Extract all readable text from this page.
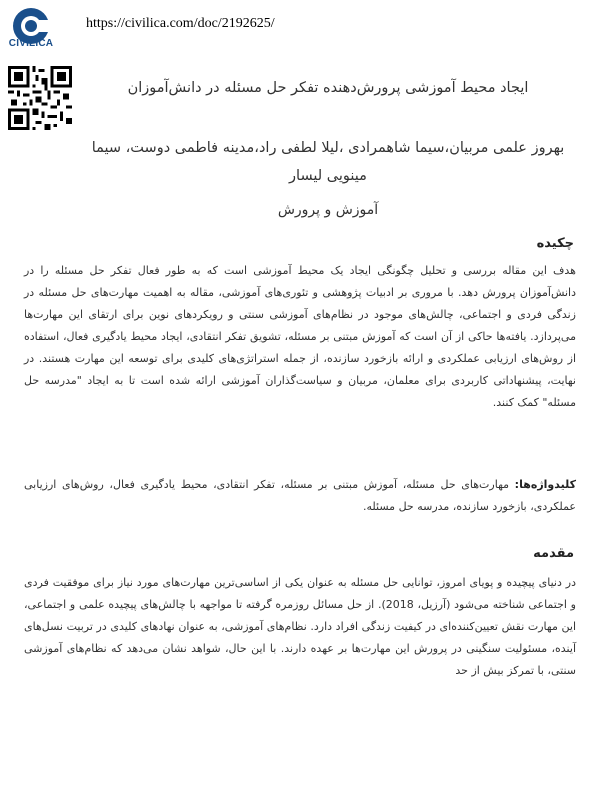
CIVILICA
https://civilica.com/doc/2192625/
ایجاد محیط آموزشی پرورش‌دهنده تفکر حل مسئله در دانش‌آموزان
بهروز علمی مربیان،سیما شاهمرادی ،لیلا لطفی راد،مدینه فاطمی دوست، سیما مینویی لیسار
آموزش و پرورش
چکیده
هدف این مقاله بررسی و تحلیل چگونگی ایجاد یک محیط آموزشی است که به طور فعال تفکر حل مسئله را در دانش‌آموزان پرورش دهد. با مروری بر ادبیات پژوهشی و تئوری‌های آموزشی، مقاله به اهمیت مهارت‌های حل مسئله در زندگی فردی و اجتماعی، چالش‌های موجود در نظام‌های آموزشی سنتی و رویکردهای نوین برای ارتقای این مهارت‌ها می‌پردازد. یافته‌ها حاکی از آن است که آموزش مبتنی بر مسئله، تشویق تفکر انتقادی، ایجاد محیط یادگیری فعال، استفاده از روش‌های ارزیابی عملکردی و ارائه بازخورد سازنده، از جمله استراتژی‌های کلیدی برای توسعه این مهارت هستند. در نهایت، پیشنهاداتی کاربردی برای معلمان، مربیان و سیاست‌گذاران آموزشی ارائه شده است تا به ایجاد "مدرسه حل مسئله" کمک کنند.
کلیدواژه‌ها: مهارت‌های حل مسئله، آموزش مبتنی بر مسئله، تفکر انتقادی، محیط یادگیری فعال، روش‌های ارزیابی عملکردی، بازخورد سازنده، مدرسه حل مسئله.
مقدمه
در دنیای پیچیده و پویای امروز، توانایی حل مسئله به عنوان یکی از اساسی‌ترین مهارت‌های مورد نیاز برای موفقیت فردی و اجتماعی شناخته می‌شود (آرزیل، 2018). از حل مسائل روزمره گرفته تا مواجهه با چالش‌های پیچیده علمی و اجتماعی، این مهارت نقش تعیین‌کننده‌ای در کیفیت زندگی افراد دارد. نظام‌های آموزشی، به عنوان نهادهای کلیدی در تربیت نسل‌های آینده، مسئولیت سنگینی در پرورش این مهارت‌ها بر عهده دارند. با این حال، شواهد نشان می‌دهد که نظام‌های آموزشی سنتی، با تمرکز بیش از حد
